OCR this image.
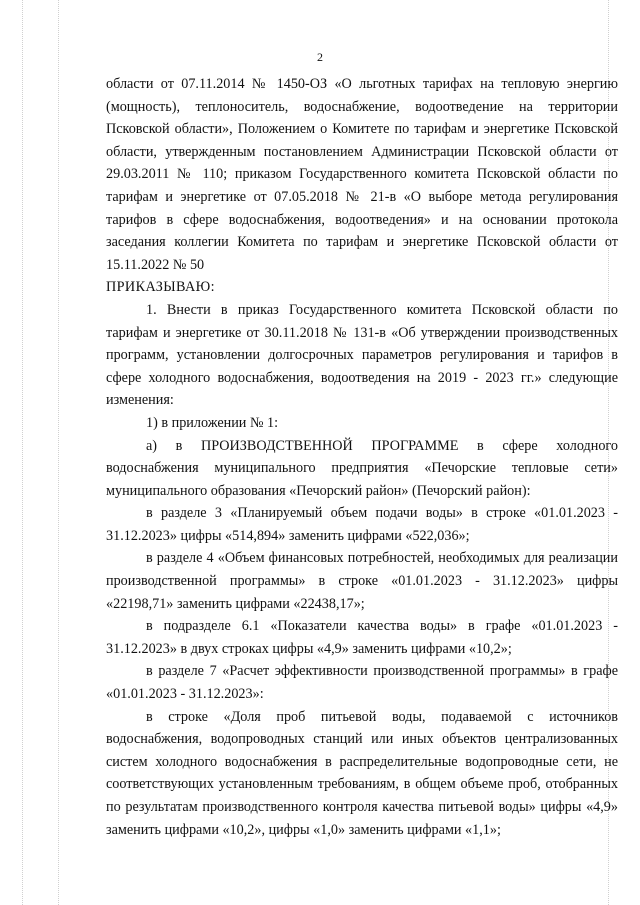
2

области от 07.11.2014 № 1450-ОЗ «О льготных тарифах на тепловую энергию (мощность), теплоноситель, водоснабжение, водоотведение на территории Псковской области», Положением о Комитете по тарифам и энергетике Псковской области, утвержденным постановлением Администрации Псковской области от 29.03.2011 № 110; приказом Государственного комитета Псковской области по тарифам и энергетике от 07.05.2018 № 21-в «О выборе метода регулирования тарифов в сфере водоснабжения, водоотведения» и на основании протокола заседания коллегии Комитета по тарифам и энергетике Псковской области от 15.11.2022 № 50

ПРИКАЗЫВАЮ:

1. Внести в приказ Государственного комитета Псковской области по тарифам и энергетике от 30.11.2018 № 131-в «Об утверждении производственных программ, установлении долгосрочных параметров регулирования и тарифов в сфере холодного водоснабжения, водоотведения на 2019 - 2023 гг.» следующие изменения:

1) в приложении № 1:

а) в ПРОИЗВОДСТВЕННОЙ ПРОГРАММЕ в сфере холодного водоснабжения муниципального предприятия «Печорские тепловые сети» муниципального образования «Печорский район» (Печорский район):

в разделе 3 «Планируемый объем подачи воды» в строке «01.01.2023 - 31.12.2023» цифры «514,894» заменить цифрами «522,036»;

в разделе 4 «Объем финансовых потребностей, необходимых для реализации производственной программы» в строке «01.01.2023 - 31.12.2023» цифры «22198,71» заменить цифрами «22438,17»;

в подразделе 6.1 «Показатели качества воды» в графе «01.01.2023 - 31.12.2023» в двух строках цифры «4,9» заменить цифрами «10,2»;

в разделе 7 «Расчет эффективности производственной программы» в графе «01.01.2023 - 31.12.2023»:

в строке «Доля проб питьевой воды, подаваемой с источников водоснабжения, водопроводных станций или иных объектов централизованных систем холодного водоснабжения в распределительные водопроводные сети, не соответствующих установленным требованиям, в общем объеме проб, отобранных по результатам производственного контроля качества питьевой воды» цифры «4,9» заменить цифрами «10,2», цифры «1,0» заменить цифрами «1,1»;
